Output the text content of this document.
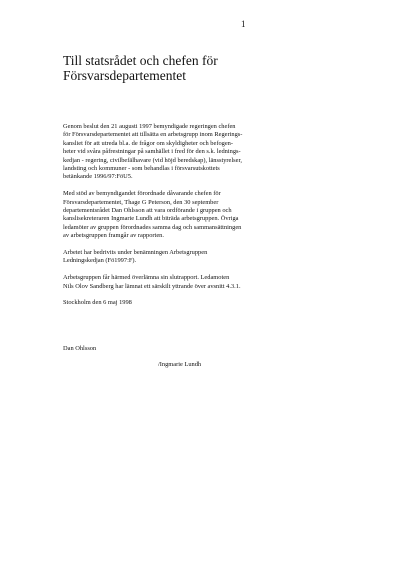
1
Till statsrådet och chefen för
Försvarsdepartementet

Genom beslut den 21 augusti 1997 bemyndigade regeringen chefen
för Försvarsdepartementet att tillsätta en arbetsgrupp inom Regerings-
kansliet för att utreda bl.a. de frågor om skyldigheter och befogen-
heter vid svåra påfrestningar på samhället i fred för den s.k. lednings-
kedjan - regering, civilbefälhavare (vid höjd beredskap), länsstyrelser,
landsting och kommuner - som behandlas i försvarsutskottets
betänkande 1996/97:FöU5.

Med stöd av bemyndigandet förordnade dåvarande chefen för
Försvarsdepartementet, Thage G Peterson, den 30 september
departementsrådet Dan Ohlsson att vara ordförande i gruppen och
kanslisekreteraren Ingmarie Lundh att biträda arbetsgruppen. Övriga
ledamöter av gruppen förordnades samma dag och sammansättningen
av arbetsgruppen framgår av rapporten.

Arbetet har bedrivits under benämningen Arbetsgruppen
Ledningskedjan (Fö1997:F).

Arbetsgruppen får härmed överlämna sin slutrapport. Ledamoten
Nils Olov Sandberg har lämnat ett särskilt yttrande över avsnitt 4.3.1.

Stockholm den 6 maj 1998

Dan Ohlsson
/Ingmarie Lundh
